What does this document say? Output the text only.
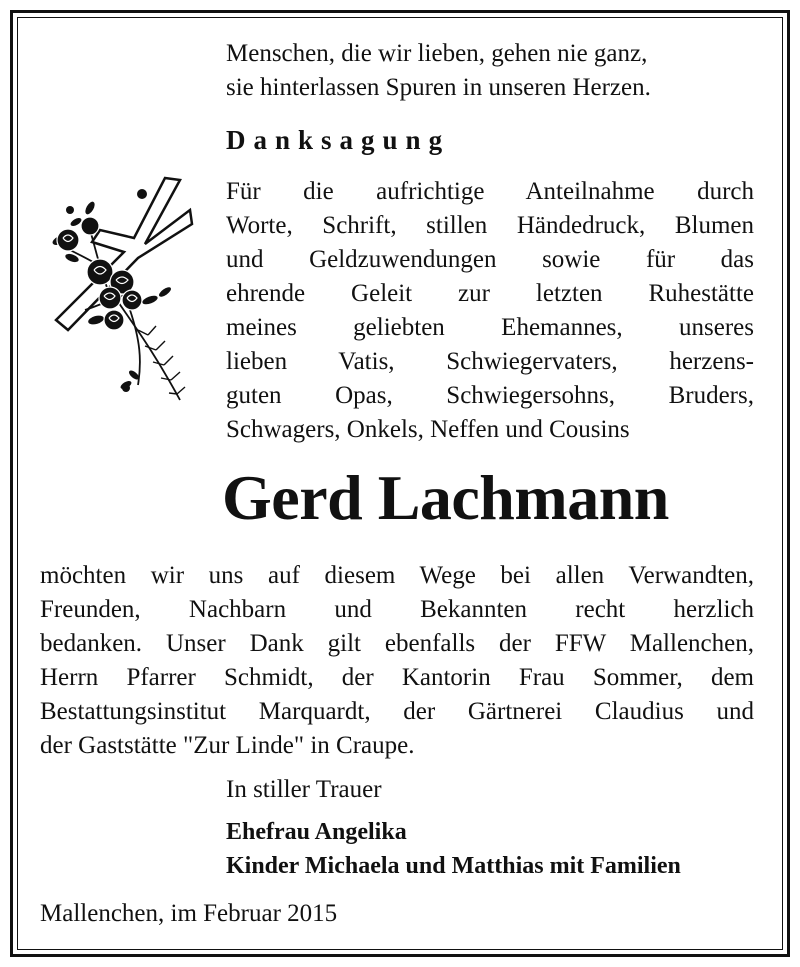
Menschen, die wir lieben, gehen nie ganz,
sie hinterlassen Spuren in unseren Herzen.
Danksagung
Für die aufrichtige Anteilnahme durch
Worte, Schrift, stillen Händedruck, Blumen
und Geldzuwendungen sowie für das
ehrende Geleit zur letzten Ruhestätte
meines geliebten Ehemannes, unseres
lieben Vatis, Schwiegervaters, herzens-
guten Opas, Schwiegersohns, Bruders,
Schwagers, Onkels, Neffen und Cousins
Gerd Lachmann
möchten wir uns auf diesem Wege bei allen Verwandten,
Freunden, Nachbarn und Bekannten recht herzlich
bedanken. Unser Dank gilt ebenfalls der FFW Mallenchen,
Herrn Pfarrer Schmidt, der Kantorin Frau Sommer, dem
Bestattungsinstitut Marquardt, der Gärtnerei Claudius und
der Gaststätte "Zur Linde" in Craupe.
In stiller Trauer
Ehefrau Angelika
Kinder Michaela und Matthias mit Familien
Mallenchen, im Februar 2015
